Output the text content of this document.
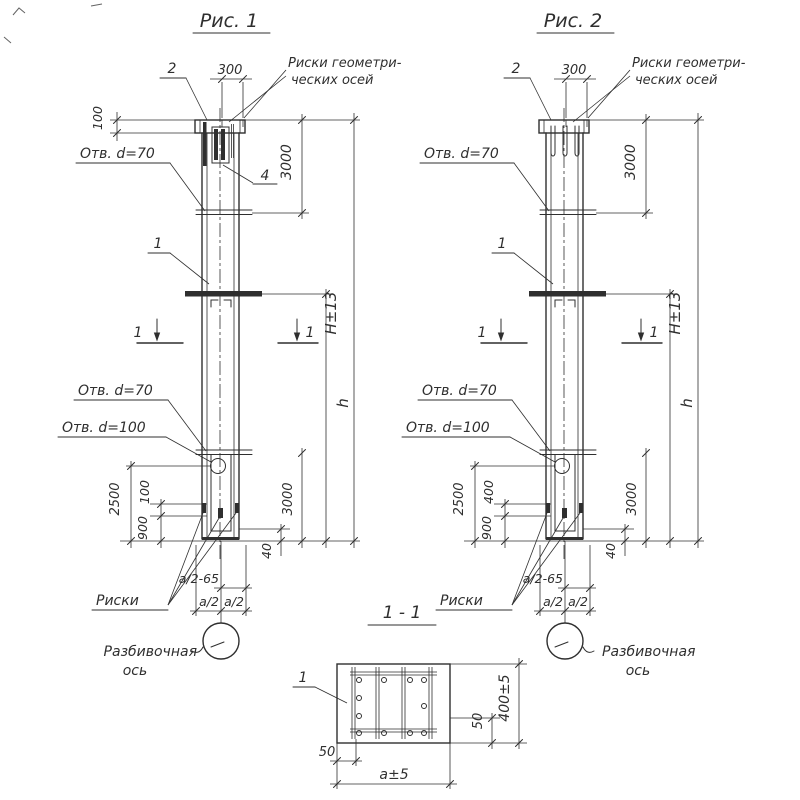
Рис. 1
2	300	Риски геометри-
ческих осей
100
Отв. d=70
4 3000
1
1	1 H±13
h
Отв. d=70
Отв. d=100
2500 100
900
40
3000
a/2-65
a/2 a/2
Риски
Разбивочная
ось
Рис. 2
2	300	Риски геометри-
ческих осей
Отв. d=70	3000
1
1	1 H±13
h
Отв. d=70
Отв. d=100
2500 400
900
40
3000
a/2-65
a/2 a/2
Риски
Разбивочная
ось
1 - 1
1
50
a±5
50 400±5
